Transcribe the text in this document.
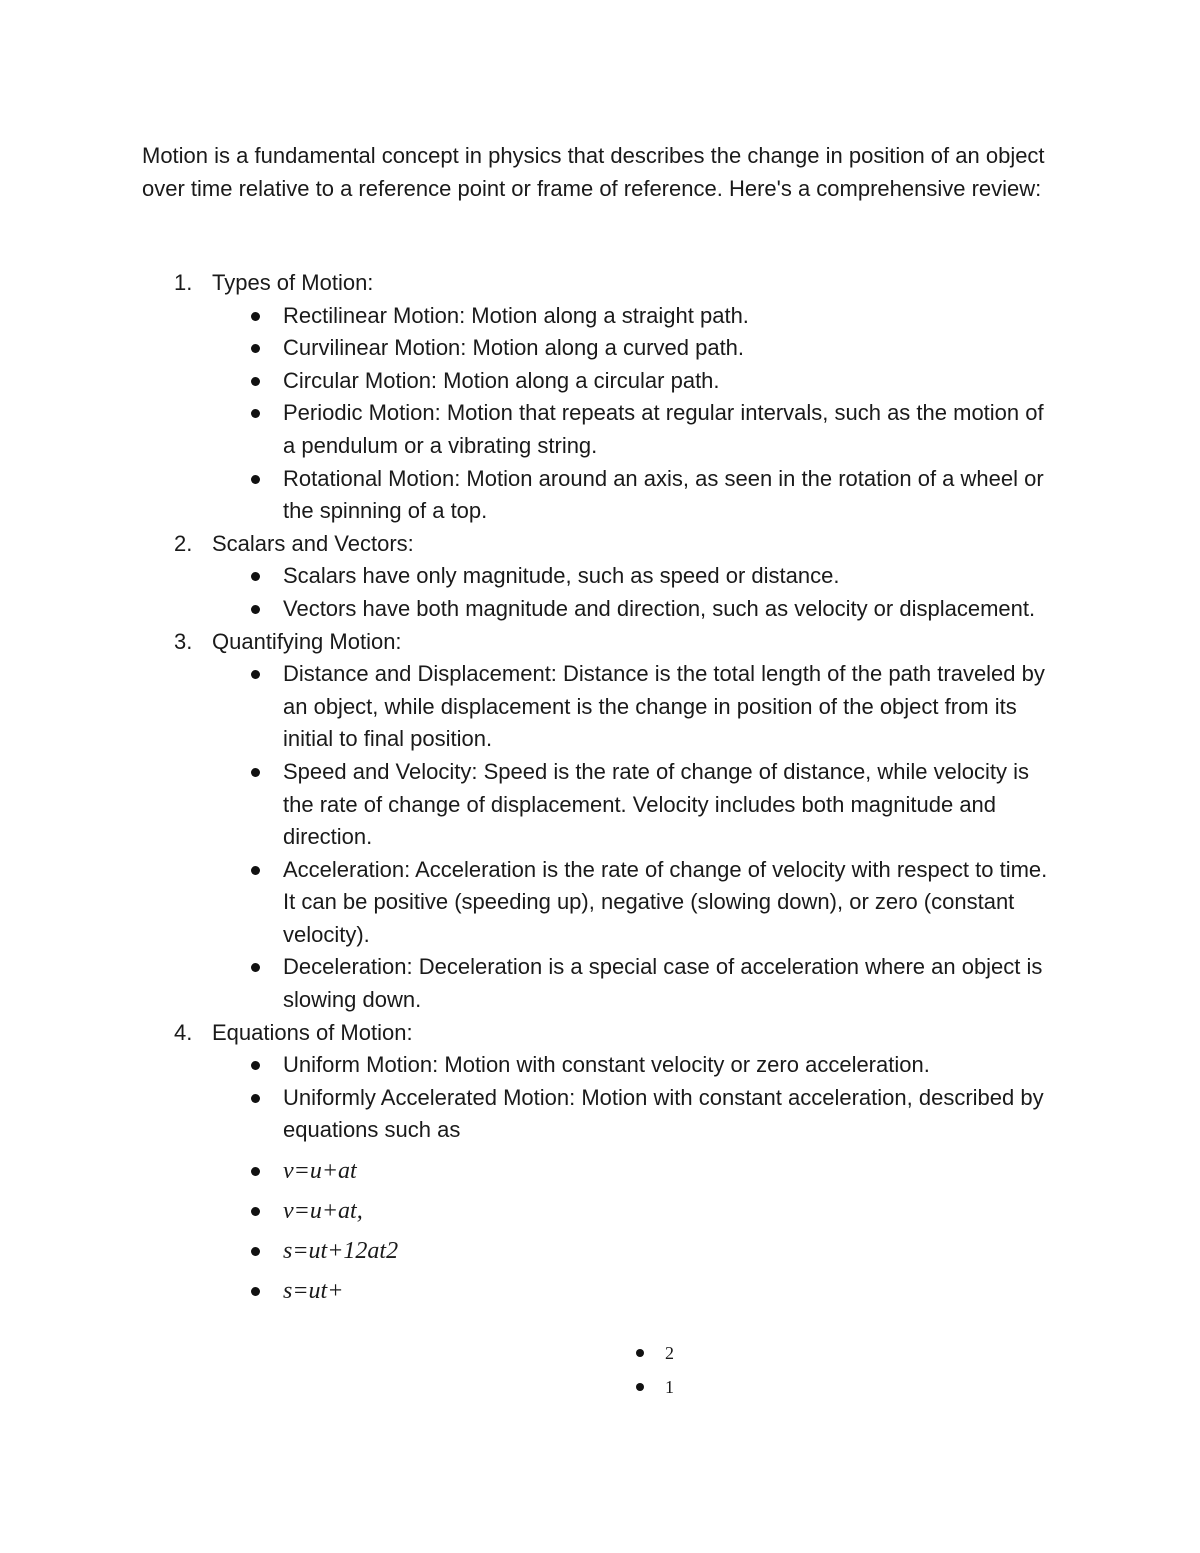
Motion is a fundamental concept in physics that describes the change in position of an object over time relative to a reference point or frame of reference. Here's a comprehensive review:

1. Types of Motion:
Rectilinear Motion: Motion along a straight path.
Curvilinear Motion: Motion along a curved path.
Circular Motion: Motion along a circular path.
Periodic Motion: Motion that repeats at regular intervals, such as the motion of a pendulum or a vibrating string.
Rotational Motion: Motion around an axis, as seen in the rotation of a wheel or the spinning of a top.
2. Scalars and Vectors:
Scalars have only magnitude, such as speed or distance.
Vectors have both magnitude and direction, such as velocity or displacement.
3. Quantifying Motion:
Distance and Displacement: Distance is the total length of the path traveled by an object, while displacement is the change in position of the object from its initial to final position.
Speed and Velocity: Speed is the rate of change of distance, while velocity is the rate of change of displacement. Velocity includes both magnitude and direction.
Acceleration: Acceleration is the rate of change of velocity with respect to time. It can be positive (speeding up), negative (slowing down), or zero (constant velocity).
Deceleration: Deceleration is a special case of acceleration where an object is slowing down.
4. Equations of Motion:
Uniform Motion: Motion with constant velocity or zero acceleration.
Uniformly Accelerated Motion: Motion with constant acceleration, described by equations such as
v=u+at
v=u+at,
s=ut+12at2
s=ut+
2
1
